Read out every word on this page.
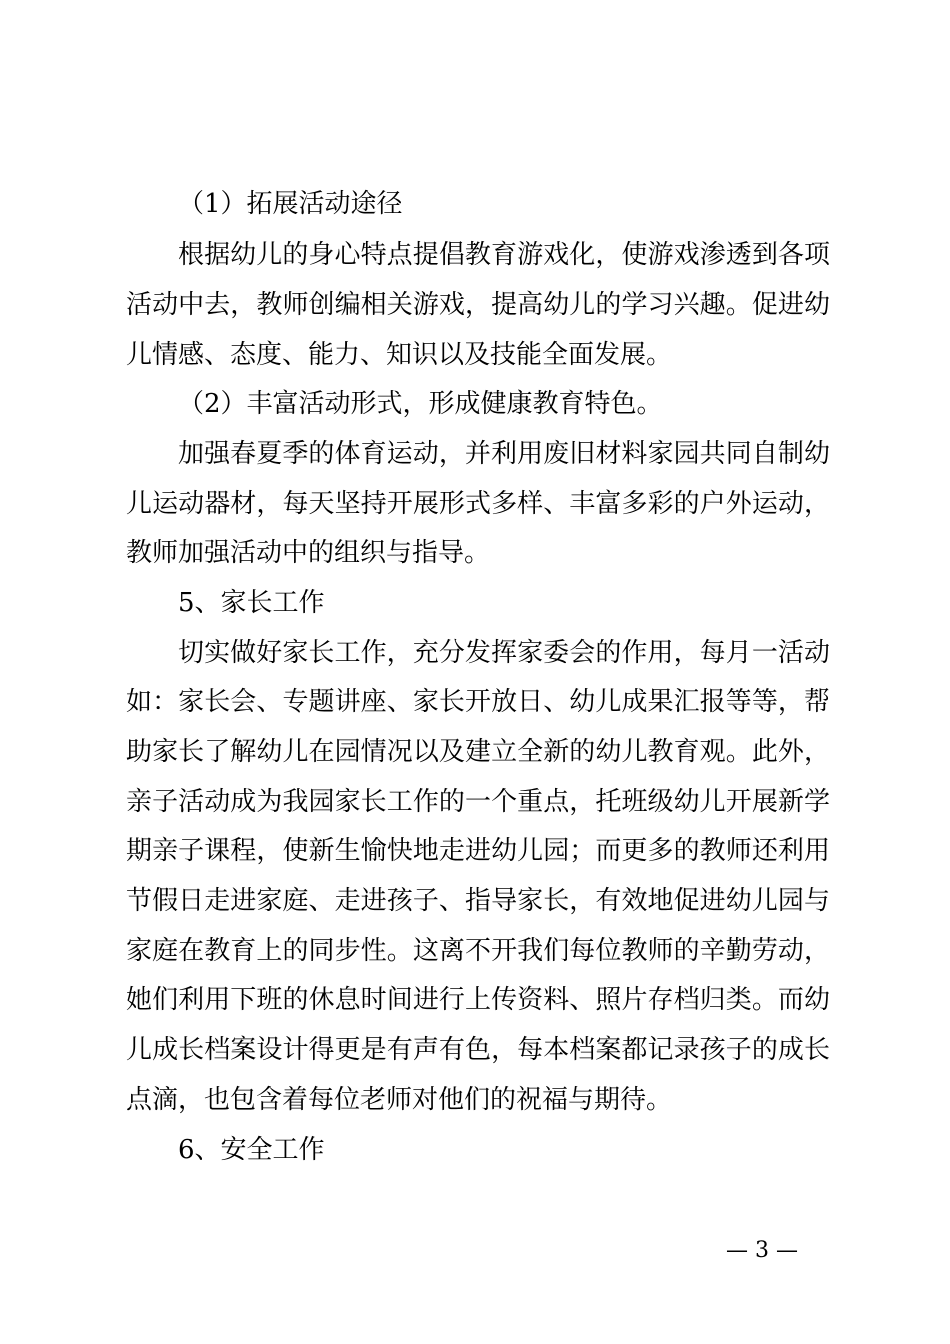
（1）拓展活动途径
根据幼儿的身心特点提倡教育游戏化，使游戏渗透到各项
活动中去，教师创编相关游戏，提高幼儿的学习兴趣。促进幼
儿情感、态度、能力、知识以及技能全面发展。
（2）丰富活动形式，形成健康教育特色。
加强春夏季的体育运动，并利用废旧材料家园共同自制幼
儿运动器材，每天坚持开展形式多样、丰富多彩的户外运动，
教师加强活动中的组织与指导。
5、家长工作
切实做好家长工作，充分发挥家委会的作用，每月一活动
如：家长会、专题讲座、家长开放日、幼儿成果汇报等等，帮
助家长了解幼儿在园情况以及建立全新的幼儿教育观。此外，
亲子活动成为我园家长工作的一个重点，托班级幼儿开展新学
期亲子课程，使新生愉快地走进幼儿园；而更多的教师还利用
节假日走进家庭、走进孩子、指导家长，有效地促进幼儿园与
家庭在教育上的同步性。这离不开我们每位教师的辛勤劳动，
她们利用下班的休息时间进行上传资料、照片存档归类。而幼
儿成长档案设计得更是有声有色，每本档案都记录孩子的成长
点滴，也包含着每位老师对他们的祝福与期待。
6、安全工作
— 3 —
